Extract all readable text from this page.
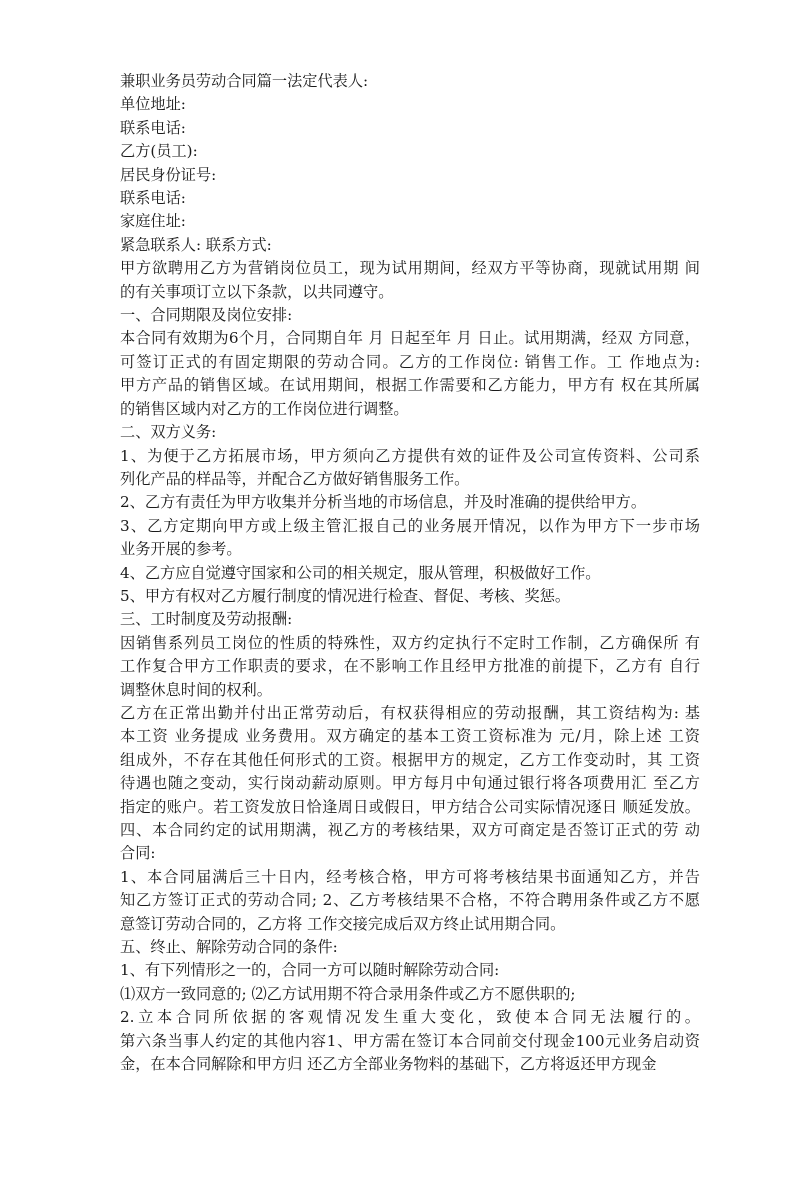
兼职业务员劳动合同篇一法定代表人:

单位地址:

联系电话:

乙方(员工):

居民身份证号:

联系电话:

家庭住址:

紧急联系人: 联系方式:

甲方欲聘用乙方为营销岗位员工，现为试用期间，经双方平等协商，现就试用期 间

的有关事项订立以下条款，以共同遵守。

一、合同期限及岗位安排:

本合同有效期为6个月，合同期自年 月 日起至年 月 日止。试用期满，经双 方同意，

可签订正式的有固定期限的劳动合同。乙方的工作岗位: 销售工作。工 作地点为:

甲方产品的销售区域。在试用期间，根据工作需要和乙方能力，甲方有 权在其所属

的销售区域内对乙方的工作岗位进行调整。

二、双方义务:

1、为便于乙方拓展市场，甲方须向乙方提供有效的证件及公司宣传资料、公司系

列化产品的样品等，并配合乙方做好销售服务工作。

2、乙方有责任为甲方收集并分析当地的市场信息，并及时准确的提供给甲方。

3、乙方定期向甲方或上级主管汇报自己的业务展开情况，以作为甲方下一步市场

业务开展的参考。

4、乙方应自觉遵守国家和公司的相关规定，服从管理，积极做好工作。

5、甲方有权对乙方履行制度的情况进行检查、督促、考核、奖惩。

三、工时制度及劳动报酬:

因销售系列员工岗位的性质的特殊性，双方约定执行不定时工作制，乙方确保所 有

工作复合甲方工作职责的要求，在不影响工作且经甲方批准的前提下，乙方有 自行

调整休息时间的权利。

乙方在正常出勤并付出正常劳动后，有权获得相应的劳动报酬，其工资结构为: 基

本工资 业务提成 业务费用。双方确定的基本工资工资标准为 元/月，除上述 工资

组成外，不存在其他任何形式的工资。根据甲方的规定，乙方工作变动时，其 工资

待遇也随之变动，实行岗动薪动原则。甲方每月中旬通过银行将各项费用汇 至乙方

指定的账户。若工资发放日恰逢周日或假日，甲方结合公司实际情况逐日 顺延发放。

四、本合同约定的试用期满，视乙方的考核结果，双方可商定是否签订正式的劳 动

合同:

1、本合同届满后三十日内，经考核合格，甲方可将考核结果书面通知乙方，并告

知乙方签订正式的劳动合同; 2、乙方考核结果不合格，不符合聘用条件或乙方不愿

意签订劳动合同的，乙方将 工作交接完成后双方终止试用期合同。

五、终止、解除劳动合同的条件:

1、有下列情形之一的，合同一方可以随时解除劳动合同:

⑴双方一致同意的; ⑵乙方试用期不符合录用条件或乙方不愿供职的;

2.立本合同所依据的客观情况发生重大变化，致使本合同无法履行的。

第六条当事人约定的其他内容1、甲方需在签订本合同前交付现金100元业务启动资

金，在本合同解除和甲方归 还乙方全部业务物料的基础下，乙方将返还甲方现金
